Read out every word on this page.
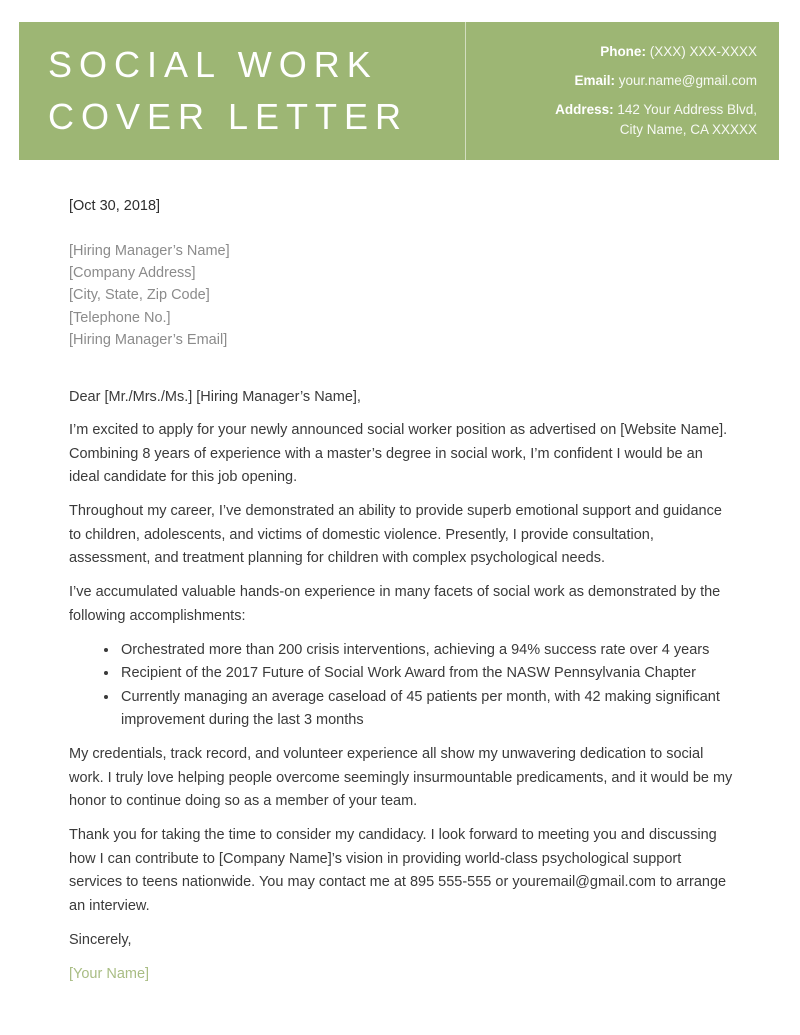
SOCIAL WORK
COVER LETTER
Phone: (XXX) XXX-XXXX
Email: your.name@gmail.com
Address: 142 Your Address Blvd,
City Name, CA XXXXX
[Oct 30, 2018]
[Hiring Manager’s Name]
[Company Address]
[City, State, Zip Code]
[Telephone No.]
[Hiring Manager’s Email]
Dear [Mr./Mrs./Ms.] [Hiring Manager’s Name],

I’m excited to apply for your newly announced social worker position as advertised on [Website Name]. Combining 8 years of experience with a master’s degree in social work, I’m confident I would be an ideal candidate for this job opening.

Throughout my career, I’ve demonstrated an ability to provide superb emotional support and guidance to children, adolescents, and victims of domestic violence. Presently, I provide consultation, assessment, and treatment planning for children with complex psychological needs.

I’ve accumulated valuable hands-on experience in many facets of social work as demonstrated by the following accomplishments:

• Orchestrated more than 200 crisis interventions, achieving a 94% success rate over 4 years
• Recipient of the 2017 Future of Social Work Award from the NASW Pennsylvania Chapter
• Currently managing an average caseload of 45 patients per month, with 42 making significant improvement during the last 3 months

My credentials, track record, and volunteer experience all show my unwavering dedication to social work. I truly love helping people overcome seemingly insurmountable predicaments, and it would be my honor to continue doing so as a member of your team.

Thank you for taking the time to consider my candidacy. I look forward to meeting you and discussing how I can contribute to [Company Name]’s vision in providing world-class psychological support services to teens nationwide. You may contact me at 895 555-555 or youremail@gmail.com to arrange an interview.

Sincerely,

[Your Name]
